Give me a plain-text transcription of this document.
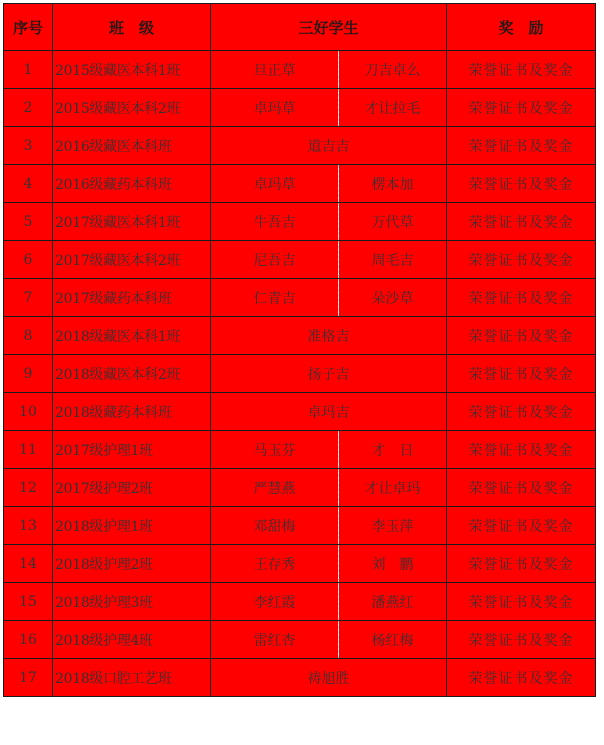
序号	班　级	三好学生		奖　励
1	2015级藏医本科1班	旦正草	刀吉卓么	荣誉证书及奖金
2	2015级藏医本科2班	卓玛草	才让拉毛	荣誉证书及奖金
3	2016级藏医本科班	道吉吉		荣誉证书及奖金
4	2016级藏药本科班	卓玛草	楞本加	荣誉证书及奖金
5	2017级藏医本科1班	牛吾吉	万代草	荣誉证书及奖金
6	2017级藏医本科2班	尼吾吉	周毛吉	荣誉证书及奖金
7	2017级藏药本科班	仁青吉	朵沙草	荣誉证书及奖金
8	2018级藏医本科1班	准格吉		荣誉证书及奖金
9	2018级藏医本科2班	扬子吉		荣誉证书及奖金
10	2018级藏药本科班	卓玛吉		荣誉证书及奖金
11	2017级护理1班	马玉芬	才　日	荣誉证书及奖金
12	2017级护理2班	严慧燕	才让卓玛	荣誉证书及奖金
13	2018级护理1班	邓甜梅	李玉萍	荣誉证书及奖金
14	2018级护理2班	王存秀	刘　鹏	荣誉证书及奖金
15	2018级护理3班	李红霞	潘燕红	荣誉证书及奖金
16	2018级护理4班	雷红杏	杨红梅	荣誉证书及奖金
17	2018级口腔工艺班	祷旭胜		荣誉证书及奖金
